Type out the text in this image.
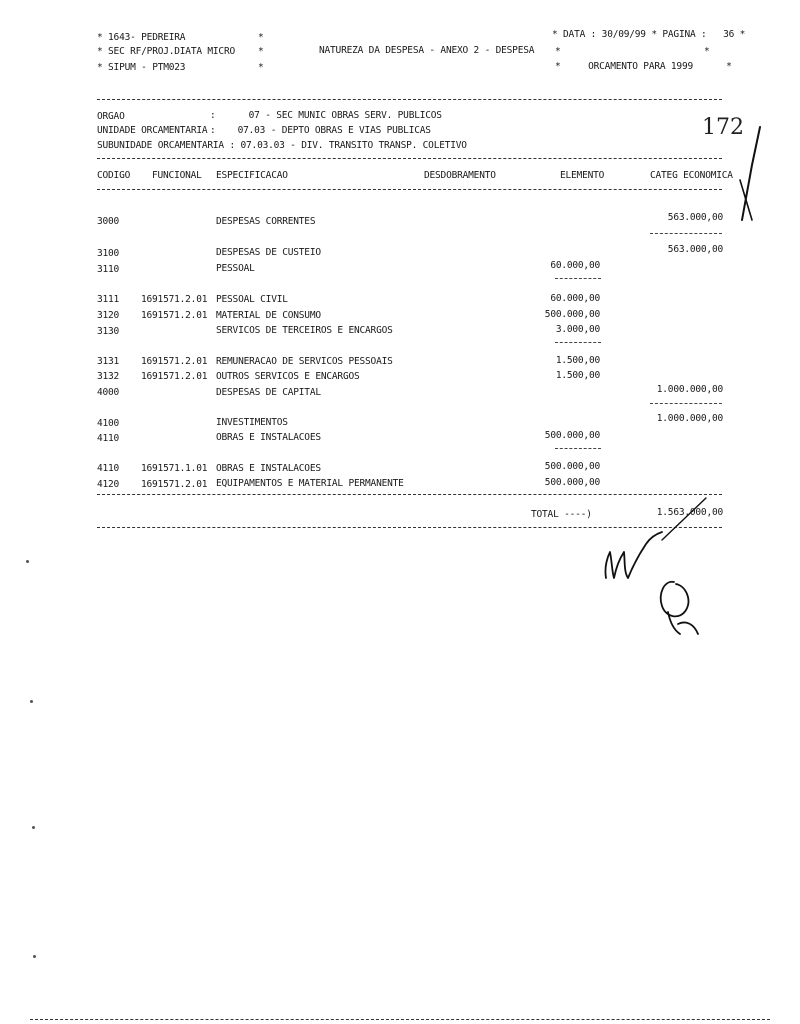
* 1643- PEDREIRA	*	* DATA : 30/09/99 * PAGINA :   36 *
* SEC RF/PROJ.DIATA MICRO *	NATUREZA DA DESPESA - ANEXO 2 - DESPESA *                          *
* SIPUM - PTM023	*	*     ORCAMENTO PARA 1999      *
ORGAO	:      07 - SEC MUNIC OBRAS SERV. PUBLICOS
UNIDADE ORCAMENTARIA :    07.03 - DEPTO OBRAS E VIAS PUBLICAS
SUBUNIDADE ORCAMENTARIA : 07.03.03 - DIV. TRANSITO TRANSP. COLETIVO
172
CODIGO FUNCIONAL ESPECIFICACAO	DESDOBRAMENTO	ELEMENTO	CATEG ECONOMICA
3000	DESPESAS CORRENTES	563.000,00
3100	DESPESAS DE CUSTEIO	563.000,00
3110	PESSOAL	60.000,00
3111 1691571.2.01 PESSOAL CIVIL	60.000,00
3120 1691571.2.01 MATERIAL DE CONSUMO	500.000,00
3130	SERVICOS DE TERCEIROS E ENCARGOS	3.000,00
3131 1691571.2.01 REMUNERACAO DE SERVICOS PESSOAIS	1.500,00
3132 1691571.2.01 OUTROS SERVICOS E ENCARGOS	1.500,00
4000	DESPESAS DE CAPITAL	1.000.000,00
4100	INVESTIMENTOS	1.000.000,00
4110	OBRAS E INSTALACOES	500.000,00
4110 1691571.1.01 OBRAS E INSTALACOES	500.000,00
4120 1691571.2.01 EQUIPAMENTOS E MATERIAL PERMANENTE	500.000,00
TOTAL ----)	1.563.000,00
